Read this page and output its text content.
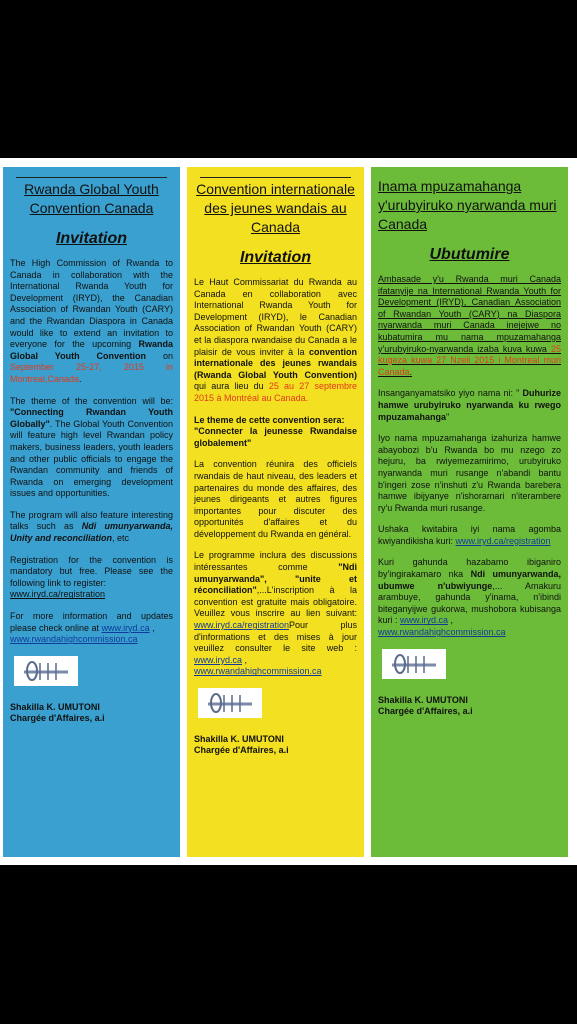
Rwanda Global Youth Convention Canada
Invitation

The High Commission of Rwanda to Canada in collaboration with the International Rwanda Youth for Development (IRYD), the Canadian Association of Rwandan Youth (CARY) and the Rwandan Diaspora in Canada would like to extend an invitation to everyone for the upcoming Rwanda Global Youth Convention on September 25-27, 2015 in Montreal,Canada.

The theme of the convention will be: "Connecting Rwandan Youth Globally". The Global Youth Convention will feature high level Rwandan policy makers, business leaders, youth leaders and other public officials to engage the Rwandan community and friends of Rwanda on emerging development issues and opportunities.

The program will also feature interesting talks such as Ndi umunyarwanda, Unity and reconciliation, etc

Registration for the convention is mandatory but free. Please see the following link to register:
www.iryd.ca/registration

For more information and updates please check online at www.iryd.ca ,
www.rwandahighcommission.ca

Shakilla K. UMUTONI
Chargée d'Affaires, a.i
Convention internationale des jeunes wandais au Canada
Invitation

Le Haut Commissariat du Rwanda au Canada en collaboration avec International Rwanda Youth for Development (IRYD), le Canadian Association of Rwandan Youth (CARY) et la diaspora rwandaise du Canada a le plaisir de vous inviter à la convention internationale des jeunes rwandais (Rwanda Global Youth Convention) qui aura lieu du 25 au 27 septembre 2015 à Montréal au Canada.

Le theme de cette convention sera:
"Connecter la jeunesse Rwandaise globalement"

La convention réunira des officiels rwandais de haut niveau, des leaders et partenaires du monde des affaires, des jeunes dirigeants et autres figures importantes pour discuter des opportunités d'affaires et du développement du Rwanda en général.

Le programme inclura des discussions intéressantes comme "Ndi umunyarwanda", "unite et réconciliation",...L'inscription à la convention est gratuite mais obligatoire. Veuillez vous inscrire au lien suivant: www.iryd.ca/registrationPour plus d'informations et des mises à jour veuillez consulter le site web : www.iryd.ca ,
www.rwandahighcommission.ca

Shakilla K. UMUTONI
Chargée d'Affaires, a.i
Inama mpuzamahanga y'urubyiruko nyarwanda muri Canada
Ubutumire

Ambasade y'u Rwanda muri Canada ifatanyije na International Rwanda Youth for Development (IRYD), Canadian Association of Rwandan Youth (CARY) na Diaspora nyarwanda muri Canada inejejwe no kubatumira mu nama mpuzamahanga y'urubyiruko-nyarwanda izaba kuva kuwa 25 kugeza kuwa 27 Nzeli 2015 i Montreal muri Canada.

Insanganyamatsiko yiyo nama ni: " Duhurize hamwe urubyiruko nyarwanda ku rwego mpuzamahanga"

Iyo nama mpuzamahanga izahuriza hamwe abayobozi b'u Rwanda bo mu nzego zo hejuru, ba rwiyemezamirimo, urubyiruko nyarwanda muri rusange n'abandi bantu b'ingeri zose n'inshuti z'u Rwanda barebera hamwe ibijyanye n'ishoramari n'iterambere ry'u Rwanda muri rusange.

Ushaka kwitabira iyi nama agomba kwiyandikisha kuri: www.iryd.ca/registration

Kuri gahunda hazabamo ibiganiro by'ingirakamaro nka Ndi umunyarwanda, ubumwe n'ubwiyunge,... Amakuru arambuye, gahunda y'inama, n'ibindi biteganyijwe gukorwa, mushobora kubisanga kuri : www.iryd.ca ,
www.rwandahighcommission.ca

Shakilla K. UMUTONI
Chargée d'Affaires, a.i
